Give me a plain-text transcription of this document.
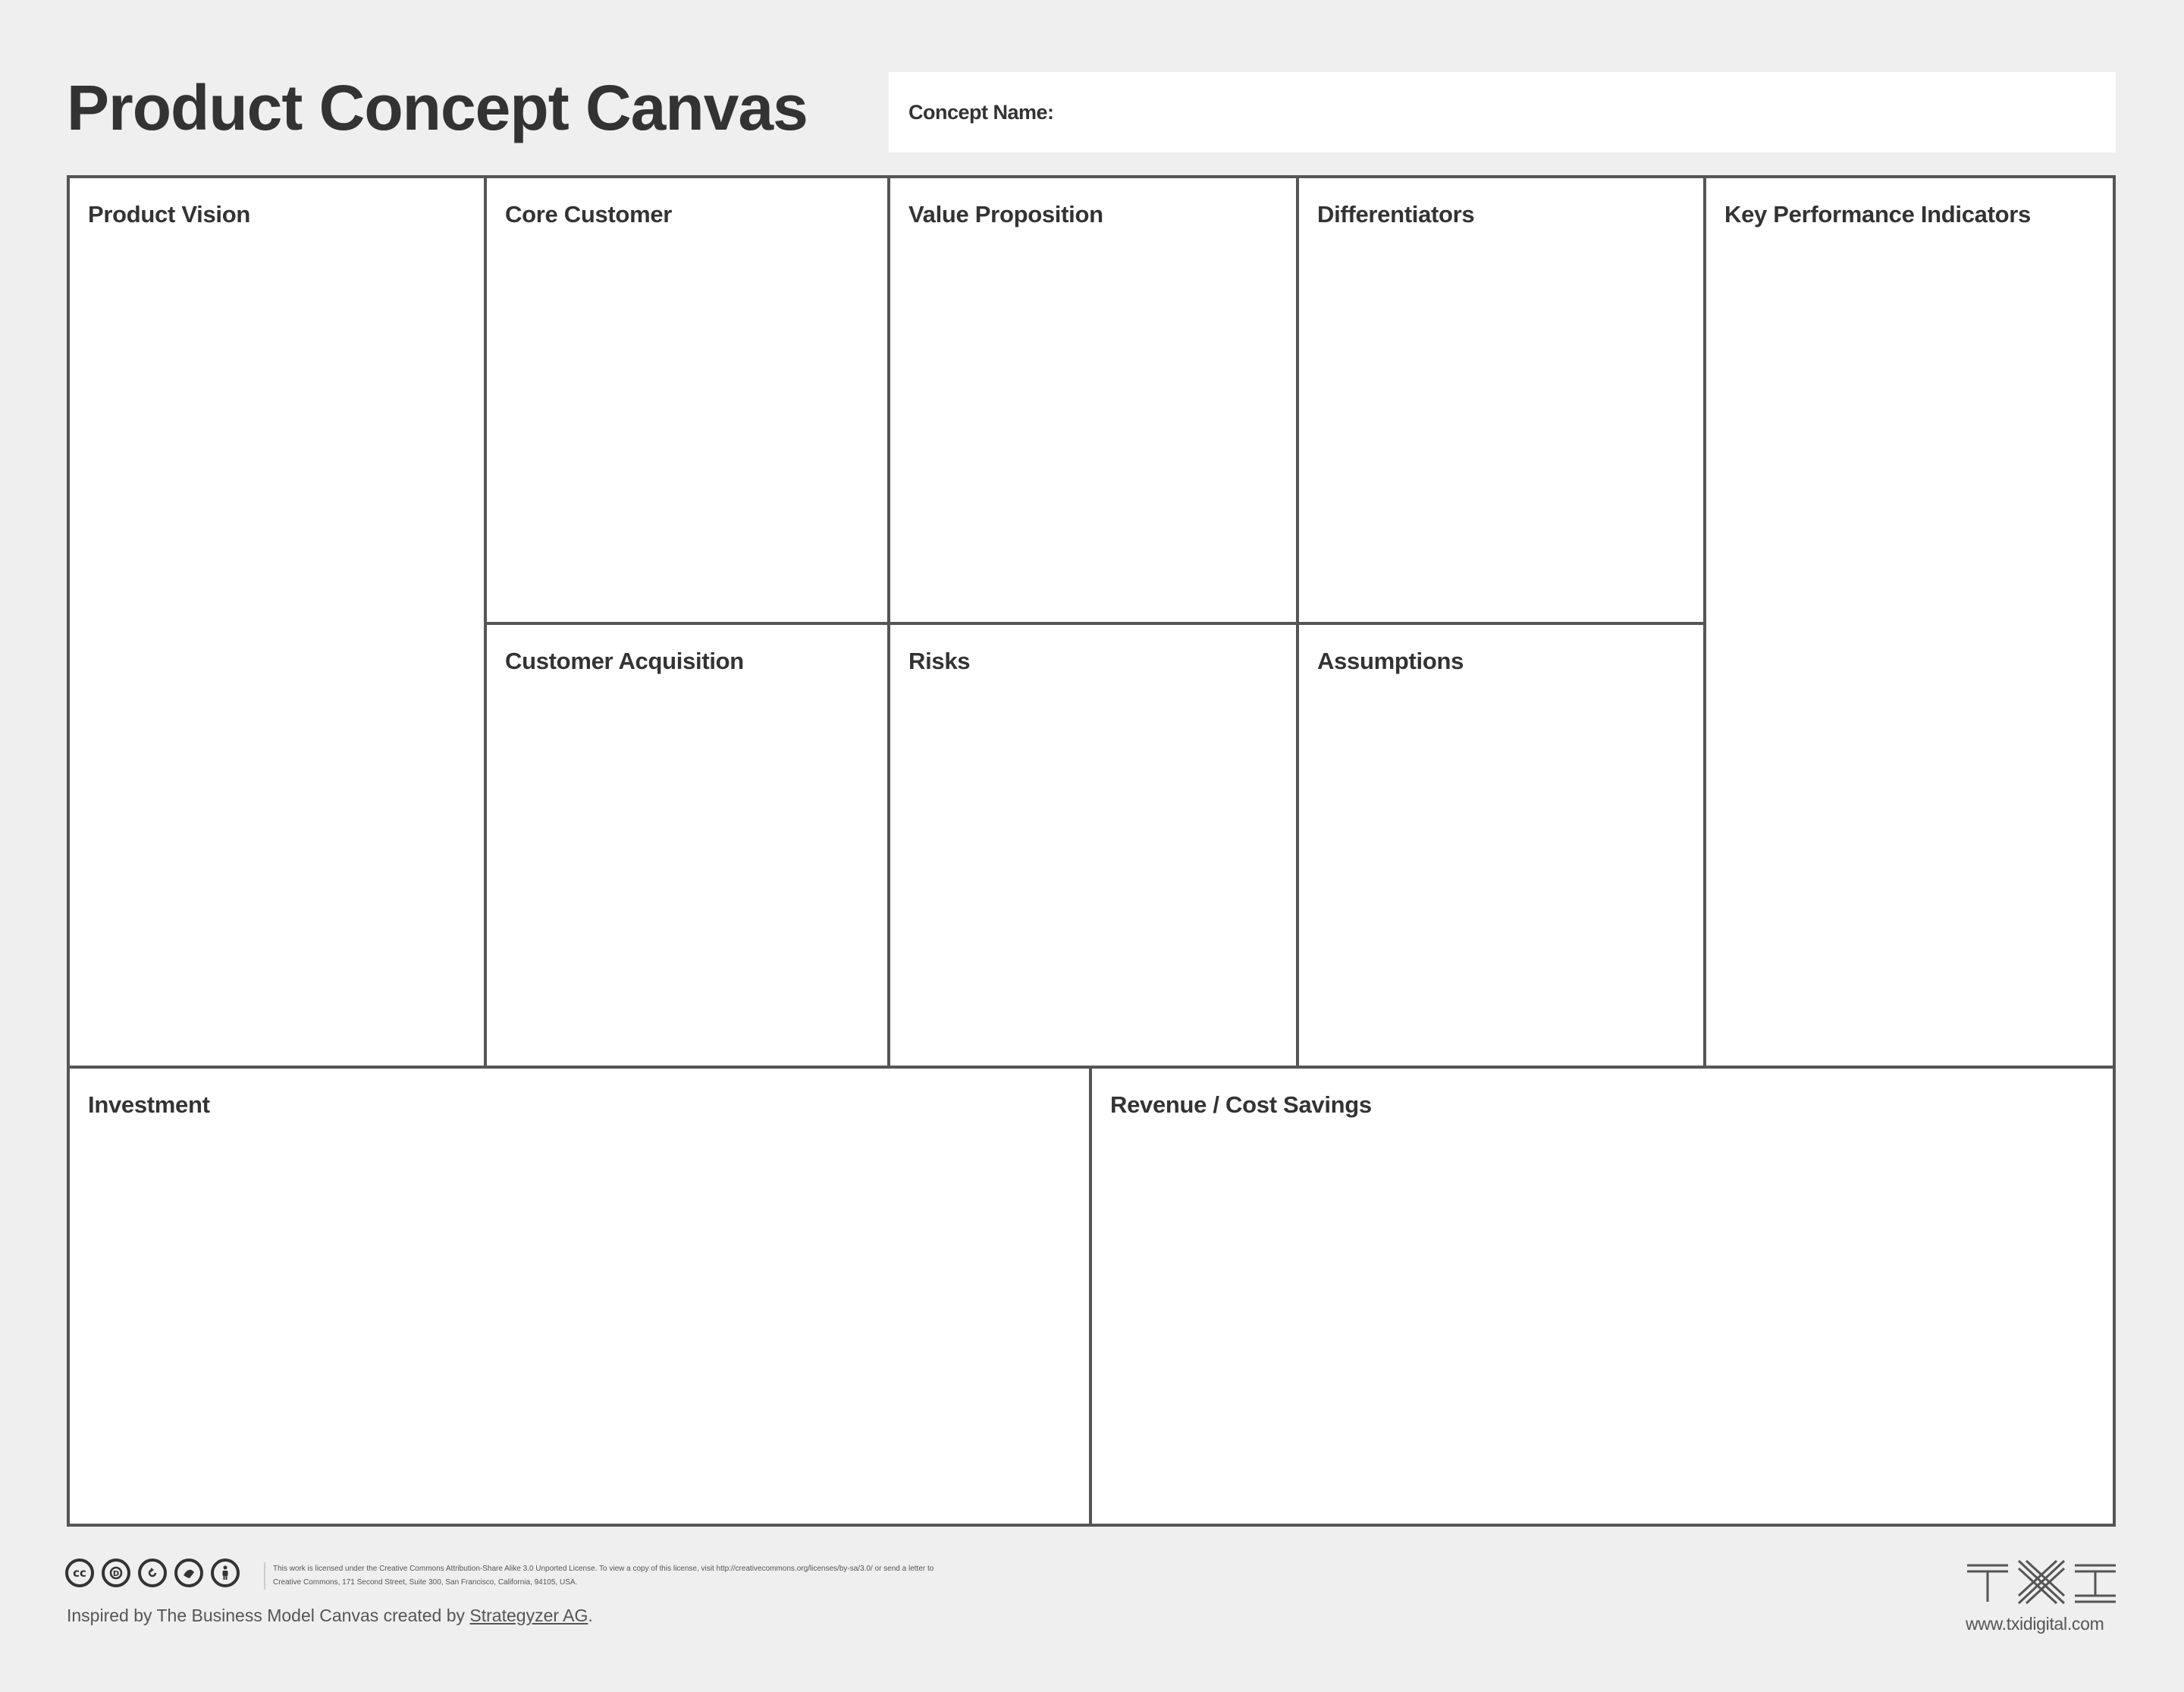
Product Concept Canvas	Concept Name:
Product Vision	Core Customer	Value Proposition	Differentiators	Key Performance Indicators
Customer Acquisition	Risks	Assumptions
Investment	Revenue / Cost Savings
cc	D
This work is licensed under the Creative Commons Attribution-Share Alike 3.0 Unported License. To view a copy of this license, visit http://creativecommons.org/licenses/by-sa/3.0/ or send a letter to Creative Commons, 171 Second Street, Suite 300, San Francisco, California, 94105, USA.
Inspired by The Business Model Canvas created by Strategyzer AG.	www.txidigital.com
